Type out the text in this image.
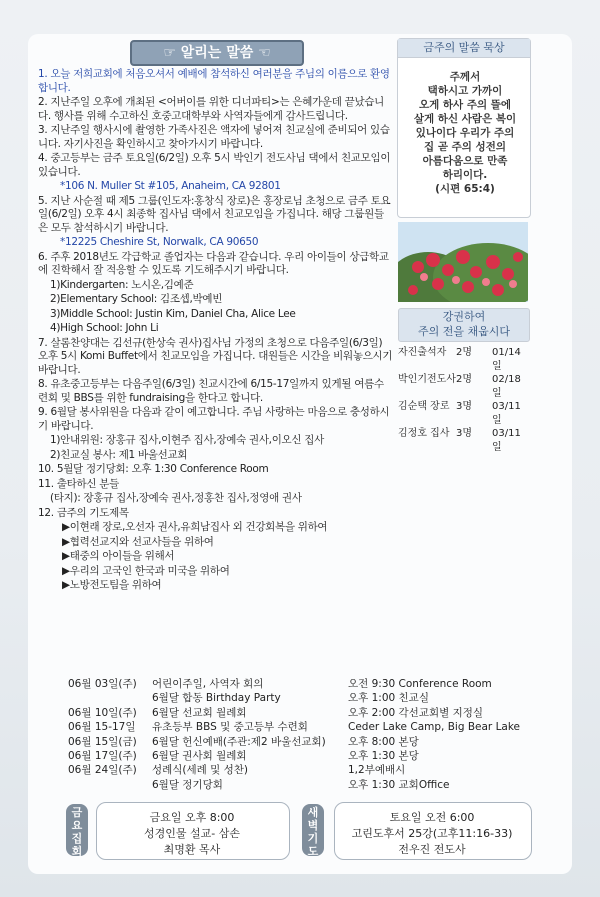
☞ 알리는 말씀 ☜
1. 오늘 저희교회에 처음오셔서 예배에 참석하신 여러분을 주님의 이름으로 환영합니다.
2. 지난주일 오후에 개최된 <어버이를 위한 디너파티>는 은혜가운데 끝났습니다. 행사를 위해 수고하신 호중고대학부와 사역자들에게 감사드립니다.
3. 지난주일 행사시에 촬영한 가족사진은 액자에 넣어져 친교실에 준비되어 있습니다. 자기사진을 확인하시고 찾아가시기 바랍니다.
4. 중고등부는 금주 토요일(6/2일) 오후 5시 박인기 전도사님 댁에서 친교모임이 있습니다.
*106 N. Muller St #105, Anaheim, CA 92801
5. 지난 사순절 때 제5 그룹(인도자:홍창식 장로)은 홍장로님 초청으로 금주 토요일(6/2일) 오후 4시 최종학 집사님 댁에서 친교모임을 가집니다. 해당 그룹원들은 모두 참석하시기 바랍니다.
*12225 Cheshire St, Norwalk, CA 90650
6. 주후 2018년도 각급학교 졸업자는 다음과 같습니다. 우리 아이들이 상급학교에 진학해서 잘 적응할 수 있도록 기도해주시기 바랍니다.
1)Kindergarten: 노시온,김예준
2)Elementary School: 김조셉,박예빈
3)Middle School: Justin Kim, Daniel Cha, Alice Lee
4)High School: John Li
7. 살롬찬양대는 김선규(한상숙 권사)집사님 가정의 초청으로 다음주일(6/3일) 오후 5시 Komi Buffet에서 친교모임을 가집니다. 대원들은 시간을 비워놓으시기 바랍니다.
8. 유초중고등부는 다음주일(6/3일) 친교시간에 6/15-17일까지 있게될 여름수련회 및 BBS를 위한 fundraising을 한다고 합니다.
9. 6월달 봉사위원을 다음과 같이 예고합니다. 주님 사랑하는 마음으로 충성하시기 바랍니다.
1)안내위원: 장홍규 집사,이현주 집사,장예숙 권사,이오신 집사
2)친교실 봉사: 제1 바울선교회
10. 5월달 정기당회: 오후 1:30 Conference Room
11. 출타하신 분들
(타지): 장홍규 집사,장예숙 권사,정홍찬 집사,정영애 권사
12. 금주의 기도제목
▶이현래 장로,오선자 권사,유희남집사 외 건강회복을 위하여
▶협력선교지와 선교사들을 위하여
▶태중의 아이들을 위해서
▶우리의 고국인 한국과 미국을 위하여
▶노방전도팀을 위하여
금주의 말씀 묵상
주께서
택하시고 가까이
오게 하사 주의 뜰에
살게 하신 사람은 복이
있나이다 우리가 주의
집 곧 주의 성전의
아름다움으로 만족
하리이다.
(시편 65:4)
강권하여
주의 전을 채웁시다
자진출석자 2명	01/14일
박인기전도사 2명	02/18일
김순택 장로 3명	03/11일
김정호 집사 3명	03/11일
06월 03일(주)	어린이주일, 사역자 회의	오전 9:30 Conference Room
6월달 합동 Birthday Party	오후 1:00 친교실
06월 10일(주)	6월달 선교회 월례회	오후 2:00 각선교회별 지정실
06월 15-17일	유초등부 BBS 및 중고등부 수련회	Ceder Lake Camp, Big Bear Lake
06월 15일(금)	6월달 헌신예배(주관:제2 바울선교회)	오후 8:00 본당
06월 17일(주)	6월달 권사회 월례회	오후 1:30 본당
06월 24일(주)	성례식(세례 및 성찬)	1,2부예배시
6월달 정기당회	오후 1:30 교회Office
금
요
집
회
금요일 오후 8:00
성경인물 설교- 삼손
최명환 목사
새
벽
기
도
토요일 오전 6:00
고린도후서 25강(고후11:16-33)
전우진 전도사
